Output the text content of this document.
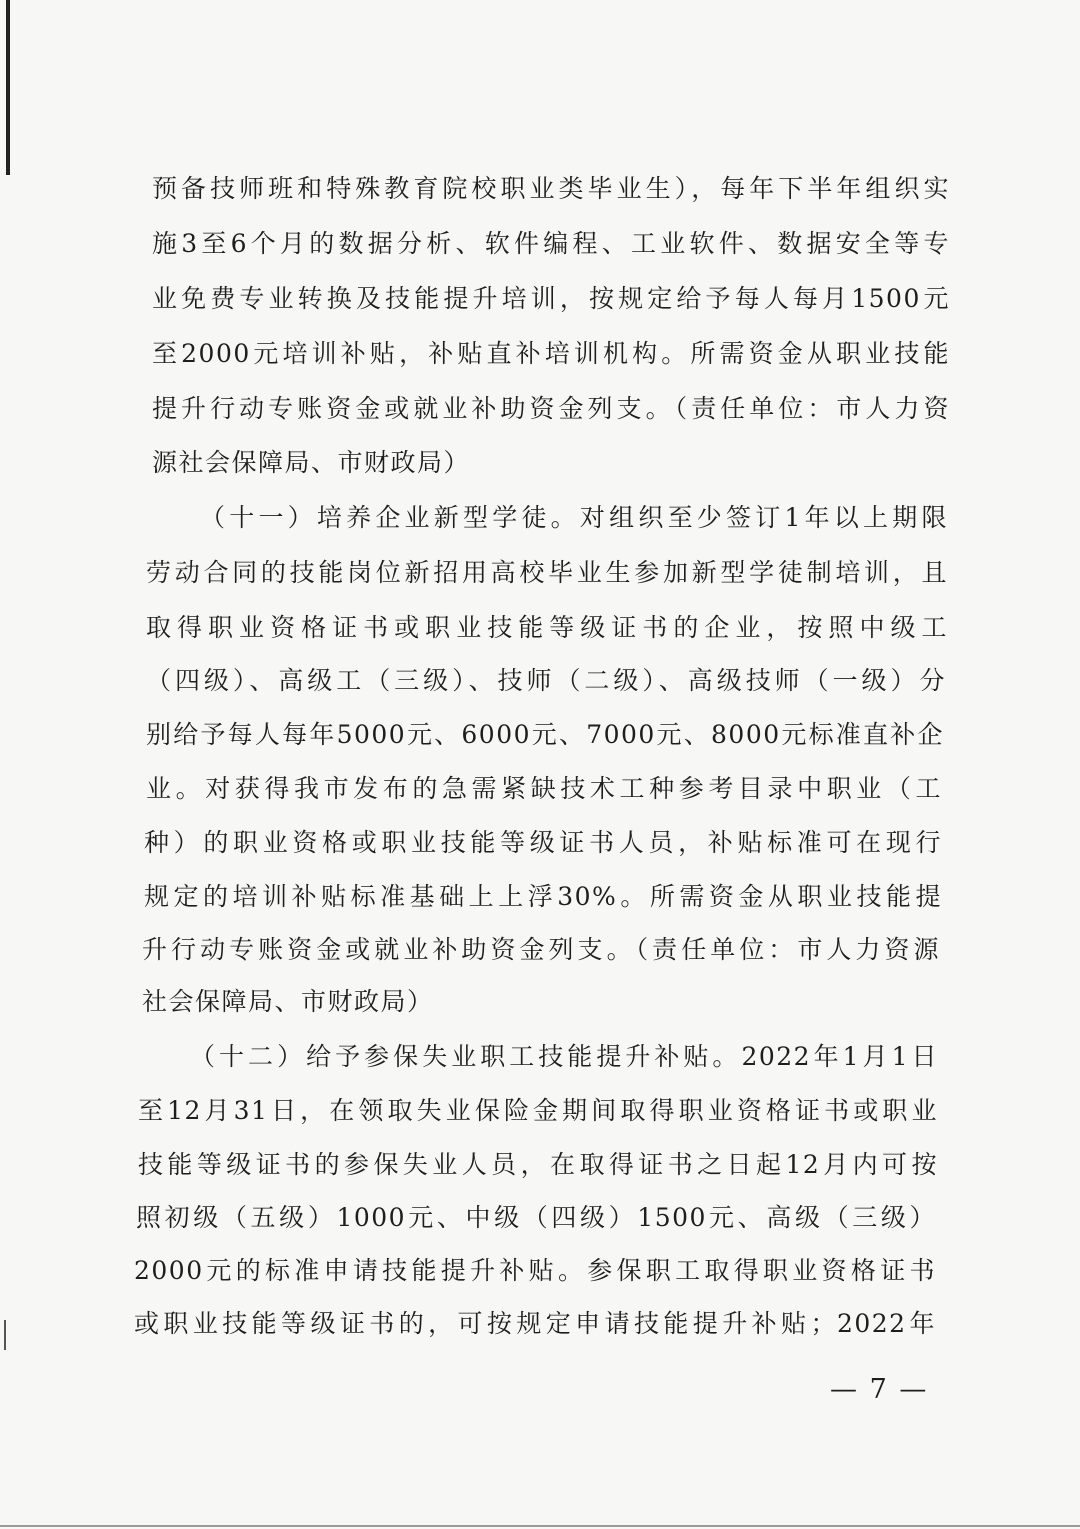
预备技师班和特殊教育院校职业类毕业生），每年下半年组织实
施3至6个月的数据分析、软件编程、工业软件、数据安全等专
业免费专业转换及技能提升培训，按规定给予每人每月1500元
至2000元培训补贴，补贴直补培训机构。所需资金从职业技能
提升行动专账资金或就业补助资金列支。（责任单位：市人力资
源社会保障局、市财政局）
（十一）培养企业新型学徒。对组织至少签订1年以上期限
劳动合同的技能岗位新招用高校毕业生参加新型学徒制培训，且
取得职业资格证书或职业技能等级证书的企业，按照中级工
（四级）、高级工（三级）、技师（二级）、高级技师（一级）分
别给予每人每年5000元、6000元、7000元、8000元标准直补企
业。对获得我市发布的急需紧缺技术工种参考目录中职业（工
种）的职业资格或职业技能等级证书人员，补贴标准可在现行
规定的培训补贴标准基础上上浮30%。所需资金从职业技能提
升行动专账资金或就业补助资金列支。（责任单位：市人力资源
社会保障局、市财政局）
（十二）给予参保失业职工技能提升补贴。2022年1月1日
至12月31日，在领取失业保险金期间取得职业资格证书或职业
技能等级证书的参保失业人员，在取得证书之日起12月内可按
照初级（五级）1000元、中级（四级）1500元、高级（三级）
2000元的标准申请技能提升补贴。参保职工取得职业资格证书
或职业技能等级证书的，可按规定申请技能提升补贴；2022年
— 7 —
